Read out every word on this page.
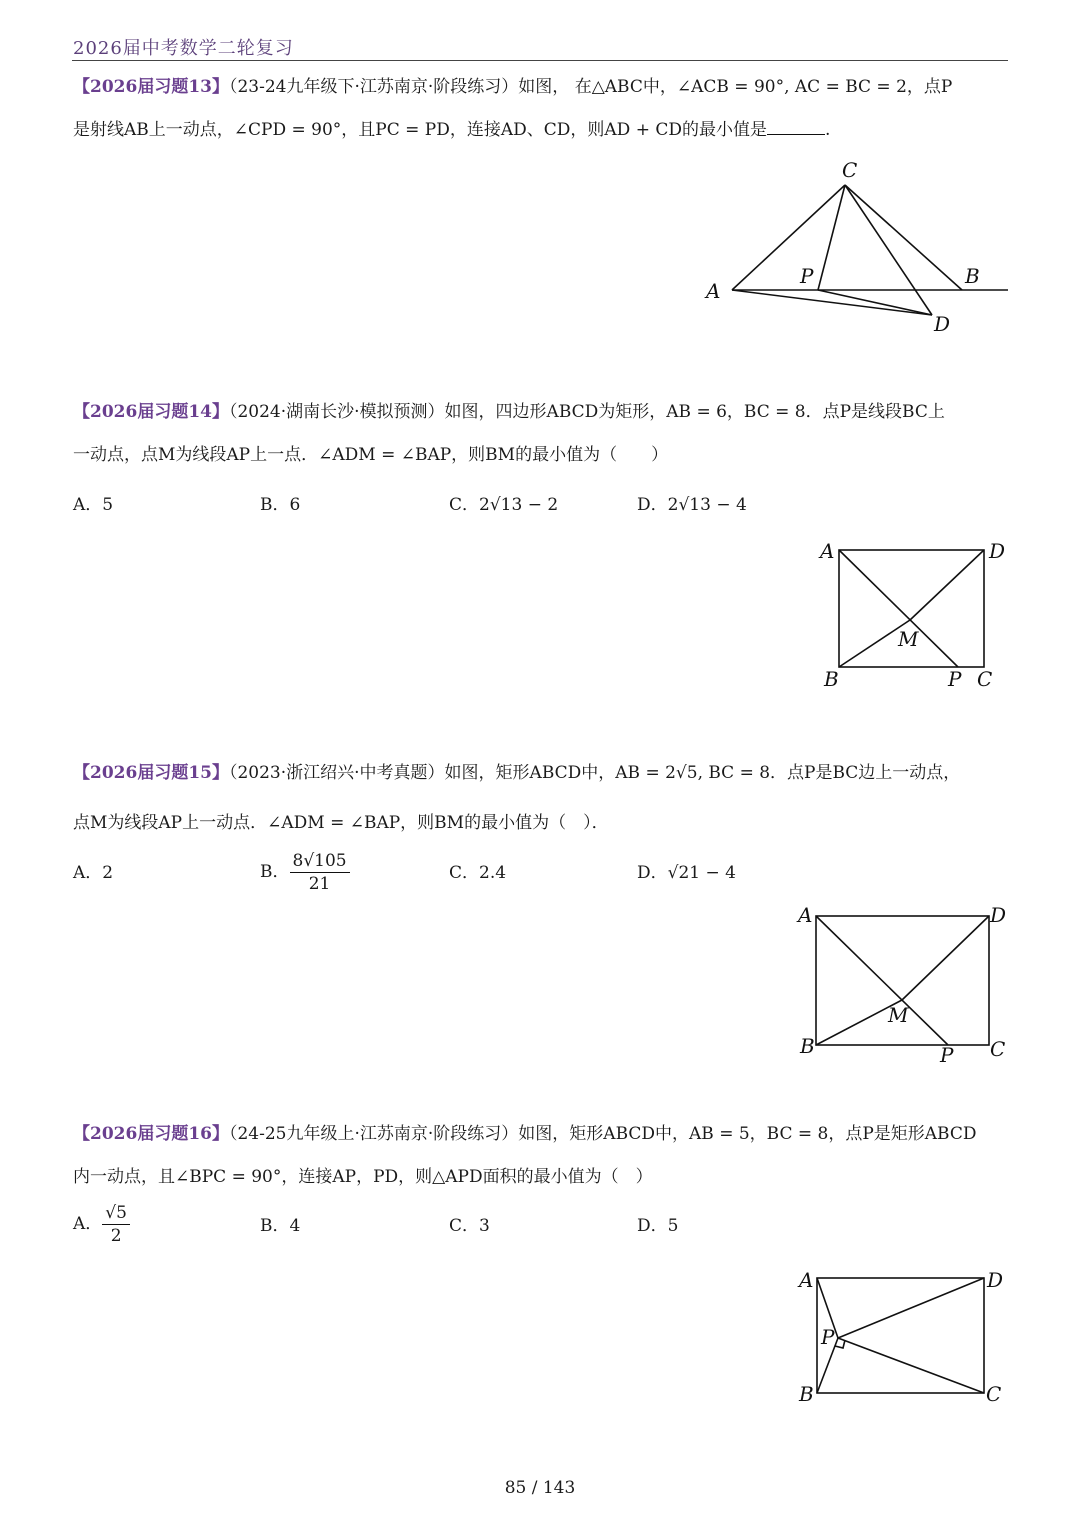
2026届中考数学二轮复习
【2026届习题13】（23-24九年级下·江苏南京·阶段练习）如图， 在△ABC中，∠ACB = 90°, AC = BC = 2，点P
是射线AB上一动点，∠CPD = 90°，且PC = PD，连接AD、CD，则AD + CD的最小值是	.
C
A
P	B
D
【2026届习题14】（2024·湖南长沙·模拟预测）如图，四边形ABCD为矩形，AB = 6，BC = 8．点P是线段BC上
一动点，点M为线段AP上一点．∠ADM = ∠BAP，则BM的最小值为（　　）
A．5	B．6	C．2√13 − 2	D．2√13 − 4
A	D
M
B	P C
【2026届习题15】（2023·浙江绍兴·中考真题）如图，矩形ABCD中，AB = 2√5, BC = 8．点P是BC边上一动点，
点M为线段AP上一动点．∠ADM = ∠BAP，则BM的最小值为（　）．
A．2	B． $\frac{8√105}{21}$	C．2.4	D．√21 − 4
A	D
M
B	P C
【2026届习题16】（24-25九年级上·江苏南京·阶段练习）如图，矩形ABCD中，AB = 5，BC = 8，点P是矩形ABCD
内一动点，且∠BPC = 90°，连接AP，PD，则△APD面积的最小值为（　）
A． $\frac{√5}{2}$	B．4	C．3	D．5
A	D
P
B	C
85 / 143
